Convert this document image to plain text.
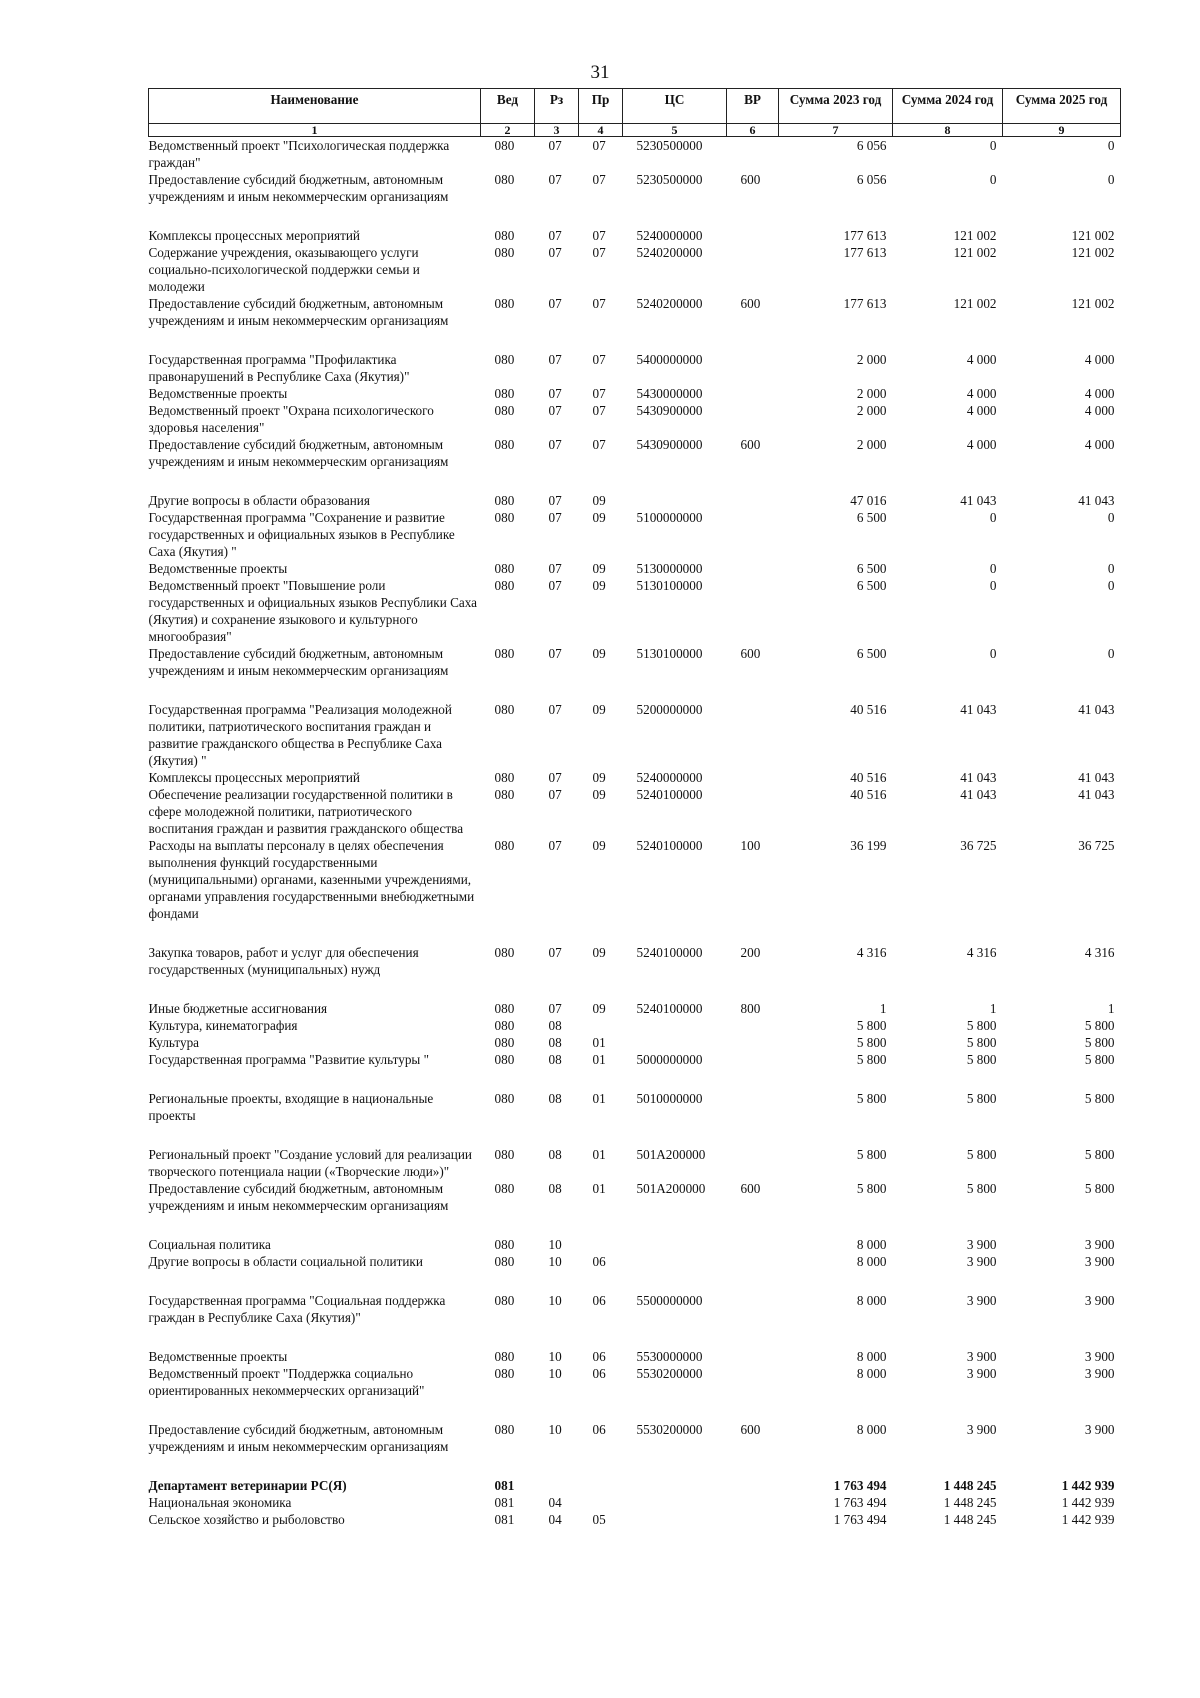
31
Наименование	Вед	Рз	Пр	ЦС	ВР	Сумма 2023 год	Сумма 2024 год	Сумма 2025 год
1	2	3	4	5	6	7	8	9
Ведомственный проект "Психологическая поддержка граждан"	080	07	07	5230500000		6 056	0	0
Предоставление субсидий бюджетным, автономным учреждениям и иным некоммерческим организациям	080	07	07	5230500000	600	6 056	0	0
Комплексы процессных мероприятий	080	07	07	5240000000		177 613	121 002	121 002
Содержание учреждения, оказывающего услуги социально-психологической поддержки семьи и молодежи	080	07	07	5240200000		177 613	121 002	121 002
Предоставление субсидий бюджетным, автономным учреждениям и иным некоммерческим организациям	080	07	07	5240200000	600	177 613	121 002	121 002
Государственная программа "Профилактика правонарушений в Республике Саха (Якутия)"	080	07	07	5400000000		2 000	4 000	4 000
Ведомственные проекты	080	07	07	5430000000		2 000	4 000	4 000
Ведомственный проект "Охрана психологического здоровья населения"	080	07	07	5430900000		2 000	4 000	4 000
Предоставление субсидий бюджетным, автономным учреждениям и иным некоммерческим организациям	080	07	07	5430900000	600	2 000	4 000	4 000
Другие вопросы в области образования	080	07	09			47 016	41 043	41 043
Государственная программа "Сохранение и развитие государственных и официальных языков в Республике Саха (Якутия) "	080	07	09	5100000000		6 500	0	0
Ведомственные проекты	080	07	09	5130000000		6 500	0	0
Ведомственный проект "Повышение роли государственных и официальных языков Республики Саха (Якутия) и сохранение языкового и культурного многообразия"	080	07	09	5130100000		6 500	0	0
Предоставление субсидий бюджетным, автономным учреждениям и иным некоммерческим организациям	080	07	09	5130100000	600	6 500	0	0
Государственная программа "Реализация молодежной политики, патриотического воспитания граждан и развитие гражданского общества в Республике Саха (Якутия) "	080	07	09	5200000000		40 516	41 043	41 043
Комплексы процессных мероприятий	080	07	09	5240000000		40 516	41 043	41 043
Обеспечение реализации государственной политики в сфере молодежной политики, патриотического воспитания граждан и развития гражданского общества	080	07	09	5240100000		40 516	41 043	41 043
Расходы на выплаты персоналу в целях обеспечения выполнения функций государственными (муниципальными) органами, казенными учреждениями, органами управления государственными внебюджетными фондами	080	07	09	5240100000	100	36 199	36 725	36 725
Закупка товаров, работ и услуг для обеспечения государственных (муниципальных) нужд	080	07	09	5240100000	200	4 316	4 316	4 316
Иные бюджетные ассигнования	080	07	09	5240100000	800	1	1	1
Культура, кинематография	080	08				5 800	5 800	5 800
Культура	080	08	01			5 800	5 800	5 800
Государственная программа "Развитие культуры "	080	08	01	5000000000		5 800	5 800	5 800
Региональные проекты, входящие в национальные проекты	080	08	01	5010000000		5 800	5 800	5 800
Региональный проект "Создание условий для реализации творческого потенциала нации («Творческие люди»)"	080	08	01	501А200000		5 800	5 800	5 800
Предоставление субсидий бюджетным, автономным учреждениям и иным некоммерческим организациям	080	08	01	501А200000	600	5 800	5 800	5 800
Социальная политика	080	10				8 000	3 900	3 900
Другие вопросы в области социальной политики	080	10	06			8 000	3 900	3 900
Государственная программа "Социальная поддержка граждан в Республике Саха (Якутия)"	080	10	06	5500000000		8 000	3 900	3 900
Ведомственные проекты	080	10	06	5530000000		8 000	3 900	3 900
Ведомственный проект "Поддержка социально ориентированных некоммерческих организаций"	080	10	06	5530200000		8 000	3 900	3 900
Предоставление субсидий бюджетным, автономным учреждениям и иным некоммерческим организациям	080	10	06	5530200000	600	8 000	3 900	3 900
Департамент ветеринарии РС(Я)	081					1 763 494	1 448 245	1 442 939
Национальная экономика	081	04				1 763 494	1 448 245	1 442 939
Сельское хозяйство и рыболовство	081	04	05			1 763 494	1 448 245	1 442 939
